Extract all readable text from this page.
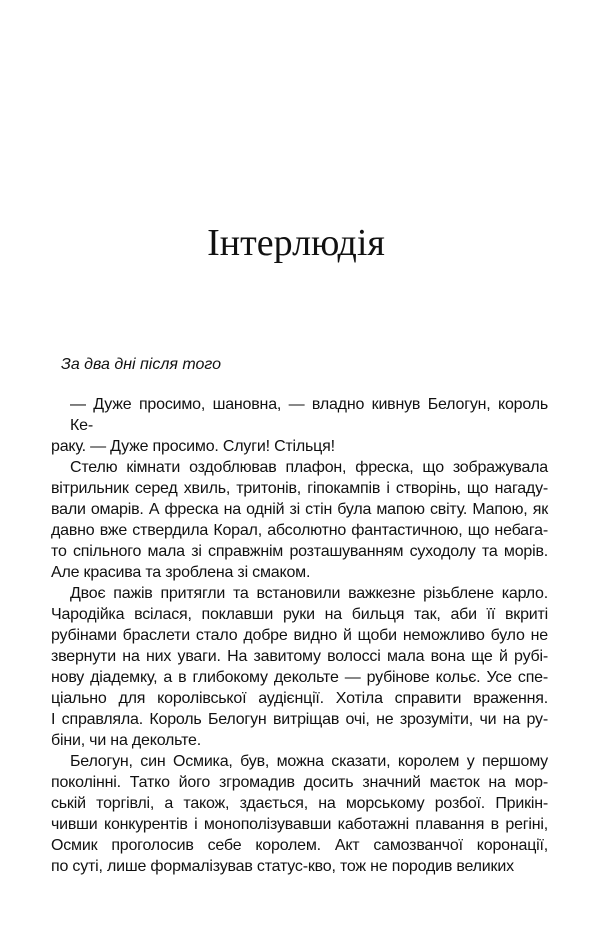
Інтерлюдія
За два дні після того

— Дуже просимо, шановна, — владно кивнув Белогун, король Ке-
раку. — Дуже просимо. Слуги! Стільця!

Стелю кімнати оздоблював плафон, фреска, що зображувала
вітрильник серед хвиль, тритонів, гіпокампів і створінь, що нагаду-
вали омарів. А фреска на одній зі стін була мапою світу. Мапою, як
давно вже ствердила Корал, абсолютно фантастичною, що небага-
то спільного мала зі справжнім розташуванням суходолу та морів.
Але красива та зроблена зі смаком.

Двоє пажів притягли та встановили важкезне різьблене карло.
Чародійка всілася, поклавши руки на бильця так, аби її вкриті
рубінами браслети стало добре видно й щоби неможливо було не
звернути на них уваги. На завитому волоссі мала вона ще й рубі-
нову діадемку, а в глибокому декольте — рубінове кольє. Усе спе-
ціально для королівської аудієнції. Хотіла справити враження.
І справляла. Король Белогун витріщав очі, не зрозуміти, чи на ру-
біни, чи на декольте.

Белогун, син Осмика, був, можна сказати, королем у першому
поколінні. Татко його згромадив досить значний маєток на мор-
ській торгівлі, а також, здається, на морському розбої. Прикін-
чивши конкурентів і монополізувавши каботажні плавання в регіні,
Осмик проголосив себе королем. Акт самозванчої коронації,
по суті, лише формалізував статус-кво, тож не породив великих
